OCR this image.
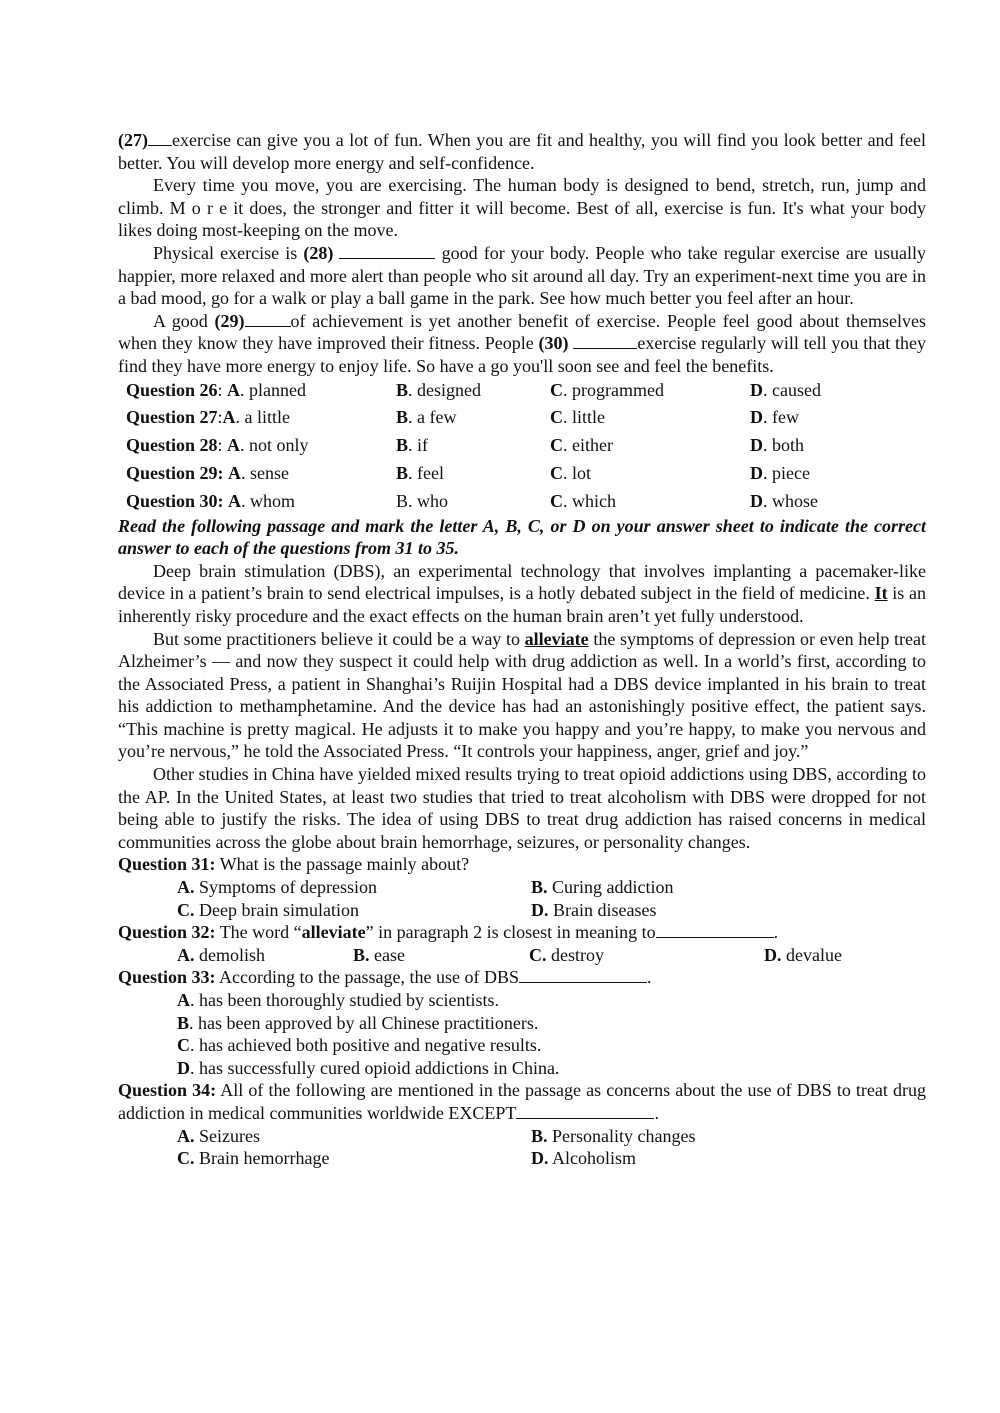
(27) exercise can give you a lot of fun. When you are fit and healthy, you will find you look better and feel better. You will develop more energy and self-confidence.

Every time you move, you are exercising. The human body is designed to bend, stretch, run, jump and climb. M o r e it does, the stronger and fitter it will become. Best of all, exercise is fun. It's what your body likes doing most-keeping on the move.

Physical exercise is (28)	good for your body. People who take regular exercise are usually happier, more relaxed and more alert than people who sit around all day. Try an experiment-next time you are in a bad mood, go for a walk or play a ball game in the park. See how much better you feel after an hour.

A good (29)	of achievement is yet another benefit of exercise. People feel good about themselves when they know they have improved their fitness. People (30)	exercise regularly will tell you that they find they have more energy to enjoy life. So have a go you'll soon see and feel the benefits.

Question 26: A. planned	B. designed	C. programmed	D. caused
Question 27:A. a little	B. a few	C. little	D. few
Question 28: A. not only	B. if	C. either	D. both
Question 29: A. sense	B. feel	C. lot	D. piece
Question 30: A. whom	B. who	C. which	D. whose

Read the following passage and mark the letter A, B, C, or D on your answer sheet to indicate the correct answer to each of the questions from 31 to 35.

Deep brain stimulation (DBS), an experimental technology that involves implanting a pacemaker-like device in a patient’s brain to send electrical impulses, is a hotly debated subject in the field of medicine. It is an inherently risky procedure and the exact effects on the human brain aren’t yet fully understood.

But some practitioners believe it could be a way to alleviate the symptoms of depression or even help treat Alzheimer’s — and now they suspect it could help with drug addiction as well. In a world’s first, according to the Associated Press, a patient in Shanghai’s Ruijin Hospital had a DBS device implanted in his brain to treat his addiction to methamphetamine. And the device has had an astonishingly positive effect, the patient says. “This machine is pretty magical. He adjusts it to make you happy and you’re happy, to make you nervous and you’re nervous,” he told the Associated Press. “It controls your happiness, anger, grief and joy.”

Other studies in China have yielded mixed results trying to treat opioid addictions using DBS, according to the AP. In the United States, at least two studies that tried to treat alcoholism with DBS were dropped for not being able to justify the risks. The idea of using DBS to treat drug addiction has raised concerns in medical communities across the globe about brain hemorrhage, seizures, or personality changes.

Question 31: What is the passage mainly about?

A. Symptoms of depression	B. Curing addiction
C. Deep brain simulation	D. Brain diseases

Question 32: The word “alleviate” in paragraph 2 is closest in meaning to	.

A. demolish	B. ease	C. destroy	D. devalue

Question 33: According to the passage, the use of DBS	.

A. has been thoroughly studied by scientists.
B. has been approved by all Chinese practitioners.
C. has achieved both positive and negative results.
D. has successfully cured opioid addictions in China.

Question 34: All of the following are mentioned in the passage as concerns about the use of DBS to treat drug addiction in medical communities worldwide EXCEPT	.

A. Seizures	B. Personality changes
C. Brain hemorrhage	D. Alcoholism
